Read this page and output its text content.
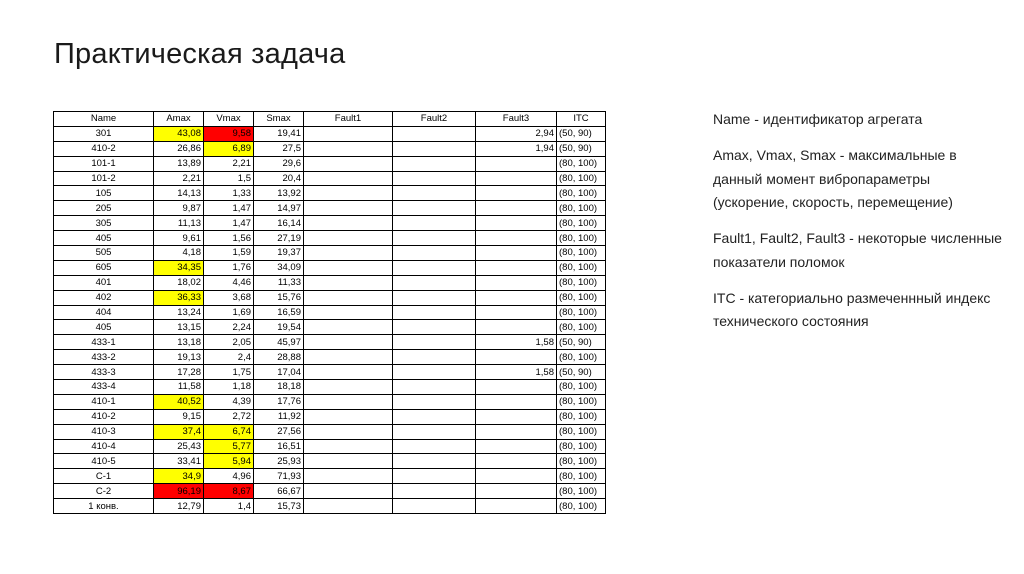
Практическая задача
Name	Amax	Vmax	Smax	Fault1	Fault2	Fault3	ITC
301	43,08	9,58	19,41			2,94	(50, 90)
410-2	26,86	6,89	27,5			1,94	(50, 90)
101-1	13,89	2,21	29,6				(80, 100)
101-2	2,21	1,5	20,4				(80, 100)
105	14,13	1,33	13,92				(80, 100)
205	9,87	1,47	14,97				(80, 100)
305	11,13	1,47	16,14				(80, 100)
405	9,61	1,56	27,19				(80, 100)
505	4,18	1,59	19,37				(80, 100)
605	34,35	1,76	34,09				(80, 100)
401	18,02	4,46	11,33				(80, 100)
402	36,33	3,68	15,76				(80, 100)
404	13,24	1,69	16,59				(80, 100)
405	13,15	2,24	19,54				(80, 100)
433-1	13,18	2,05	45,97			1,58	(50, 90)
433-2	19,13	2,4	28,88				(80, 100)
433-3	17,28	1,75	17,04			1,58	(50, 90)
433-4	11,58	1,18	18,18				(80, 100)
410-1	40,52	4,39	17,76				(80, 100)
410-2	9,15	2,72	11,92				(80, 100)
410-3	37,4	6,74	27,56				(80, 100)
410-4	25,43	5,77	16,51				(80, 100)
410-5	33,41	5,94	25,93				(80, 100)
C-1	34,9	4,96	71,93				(80, 100)
C-2	96,19	8,67	66,67				(80, 100)
1 конв.	12,79	1,4	15,73				(80, 100)

Name - идентификатор агрегата

Amax, Vmax, Smax - максимальные в данный момент вибропараметры (ускорение, скорость, перемещение)

Fault1, Fault2, Fault3 - некоторые численные показатели поломок

ITC - категориально размеченнный индекс технического состояния
